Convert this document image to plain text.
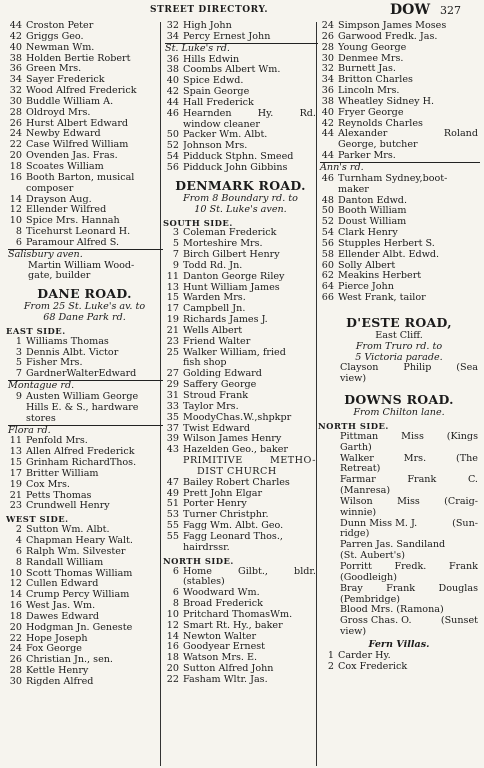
STREET DIRECTORY.	DOW 327
44 Croston Peter
42 Griggs Geo.
40 Newman Wm.
38 Holden Bertie Robert
36 Green Mrs.
34 Sayer Frederick
32 Wood Alfred Frederick
30 Buddle William A.
28 Oldroyd Mrs.
26 Hurst Albert Edward
24 Newby Edward
22 Case Wilfred William
20 Ovenden Jas. Fras.
18 Scoates William
16 Booth Barton, musical
composer
14 Drayson Aug.
12 Ellender Wilfred
10 Spice Mrs. Hannah
8 Ticehurst Leonard H.
6 Paramour Alfred S.
Salisbury aven.
Martin William Wood-
gate, builder
DANE ROAD.
From 25 St. Luke's av. to
68 Dane Park rd.
EAST SIDE.
1 Williams Thomas
3 Dennis Albt. Victor
5 Fisher Mrs.
7 GardnerWalterEdward
Montague rd.
9 Austen William George
Hills E. & S., hardware
stores
Flora rd.
11 Penfold Mrs.
13 Allen Alfred Frederick
15 Grinham RichardThos.
17 Britter William
19 Cox Mrs.
21 Petts Thomas
23 Crundwell Henry
WEST SIDE.
2 Sutton Wm. Albt.
4 Chapman Heary Walt.
6 Ralph Wm. Silvester
8 Randall William
10 Scott Thomas William
12 Cullen Edward
14 Crump Percy William
16 West Jas. Wm.
18 Dawes Edward
20 Hodgman Jn. Geneste
22 Hope Joseph
24 Fox George
26 Christian Jn., sen.
28 Kettle Henry
30 Rigden Alfred
32 High John
34 Percy Ernest John
St. Luke's rd.
36 Hills Edwin
38 Coombs Albert Wm.
40 Spice Edwd.
42 Spain George
44 Hall Frederick
46 Hearnden	Hy.	Rd.
window cleaner
50 Packer Wm. Albt.
52 Johnson Mrs.
54 Pidduck Stphn. Smeed
56 Pidduck John Gibbins
DENMARK ROAD.
From 8 Boundary rd. to
10 St. Luke's aven.
SOUTH SIDE.
3 Coleman Frederick
5 Morteshire Mrs.
7 Birch Gilbert Henry
9 Todd Rd. Jn.
11 Danton George Riley
13 Hunt William James
15 Warden Mrs.
17 Campbell Jn.
19 Richards James J.
21 Wells Albert
23 Friend Walter
25 Walker William, fried
fish shop
27 Golding Edward
29 Saffery George
31 Stroud Frank
33 Taylor Mrs.
35 MoodyChas.W.,shpkpr
37 Twist Edward
39 Wilson James Henry
43 Hazelden Geo., baker
PRIMITIVE	METHO-
DIST CHURCH
47 Bailey Robert Charles
49 Prett John Elgar
51 Porter Henry
53 Turner Christphr.
55 Fagg Wm. Albt. Geo.
55 Fagg Leonard Thos.,
hairdrssr.
NORTH SIDE.
6 Home	Gilbt.,	bldr.
(stables)
6 Woodward Wm.
8 Broad Frederick
10 Pritchard ThomasWm.
12 Smart Rt. Hy., baker
14 Newton Walter
16 Goodyear Ernest
18 Watson Mrs. E.
20 Sutton Alfred John
22 Fasham Wltr. Jas.
24 Simpson James Moses
26 Garwood Fredk. Jas.
28 Young George
30 Denmee Mrs.
32 Burnett Jas.
34 Britton Charles
36 Lincoln Mrs.
38 Wheatley Sidney H.
40 Fryer George
42 Reynolds Charles
44 Alexander	Roland
George, butcher
44 Parker Mrs.
Ann's rd.
46 Turnham Sydney,boot-
maker
48 Danton Edwd.
50 Booth William
52 Doust William
54 Clark Henry
56 Stupples Herbert S.
58 Ellender Albt. Edwd.
60 Solly Albert
62 Meakins Herbert
64 Pierce John
66 West Frank, tailor
D'ESTE ROAD,
East Cliff.
From Truro rd. to
5 Victoria parade.
Clayson	Philip	(Sea
view)
DOWNS ROAD.
From Chilton lane.
NORTH SIDE.
Pittman Miss (Kings
Garth)
Walker	Mrs.	(The
Retreat)
Farmar	Frank	C.
(Manresa)
Wilson	Miss	(Craig-
winnie)
Dunn Miss M. J.	(Sun-
ridge)
Parren Jas. Sandiland
(St. Aubert's)
Porritt Fredk. Frank
(Goodleigh)
Bray Frank Douglas
(Pembridge)
Blood Mrs. (Ramona)
Gross Chas. O.	(Sunset
view)
Fern Villas.
1 Carder Hy.
2 Cox Frederick
